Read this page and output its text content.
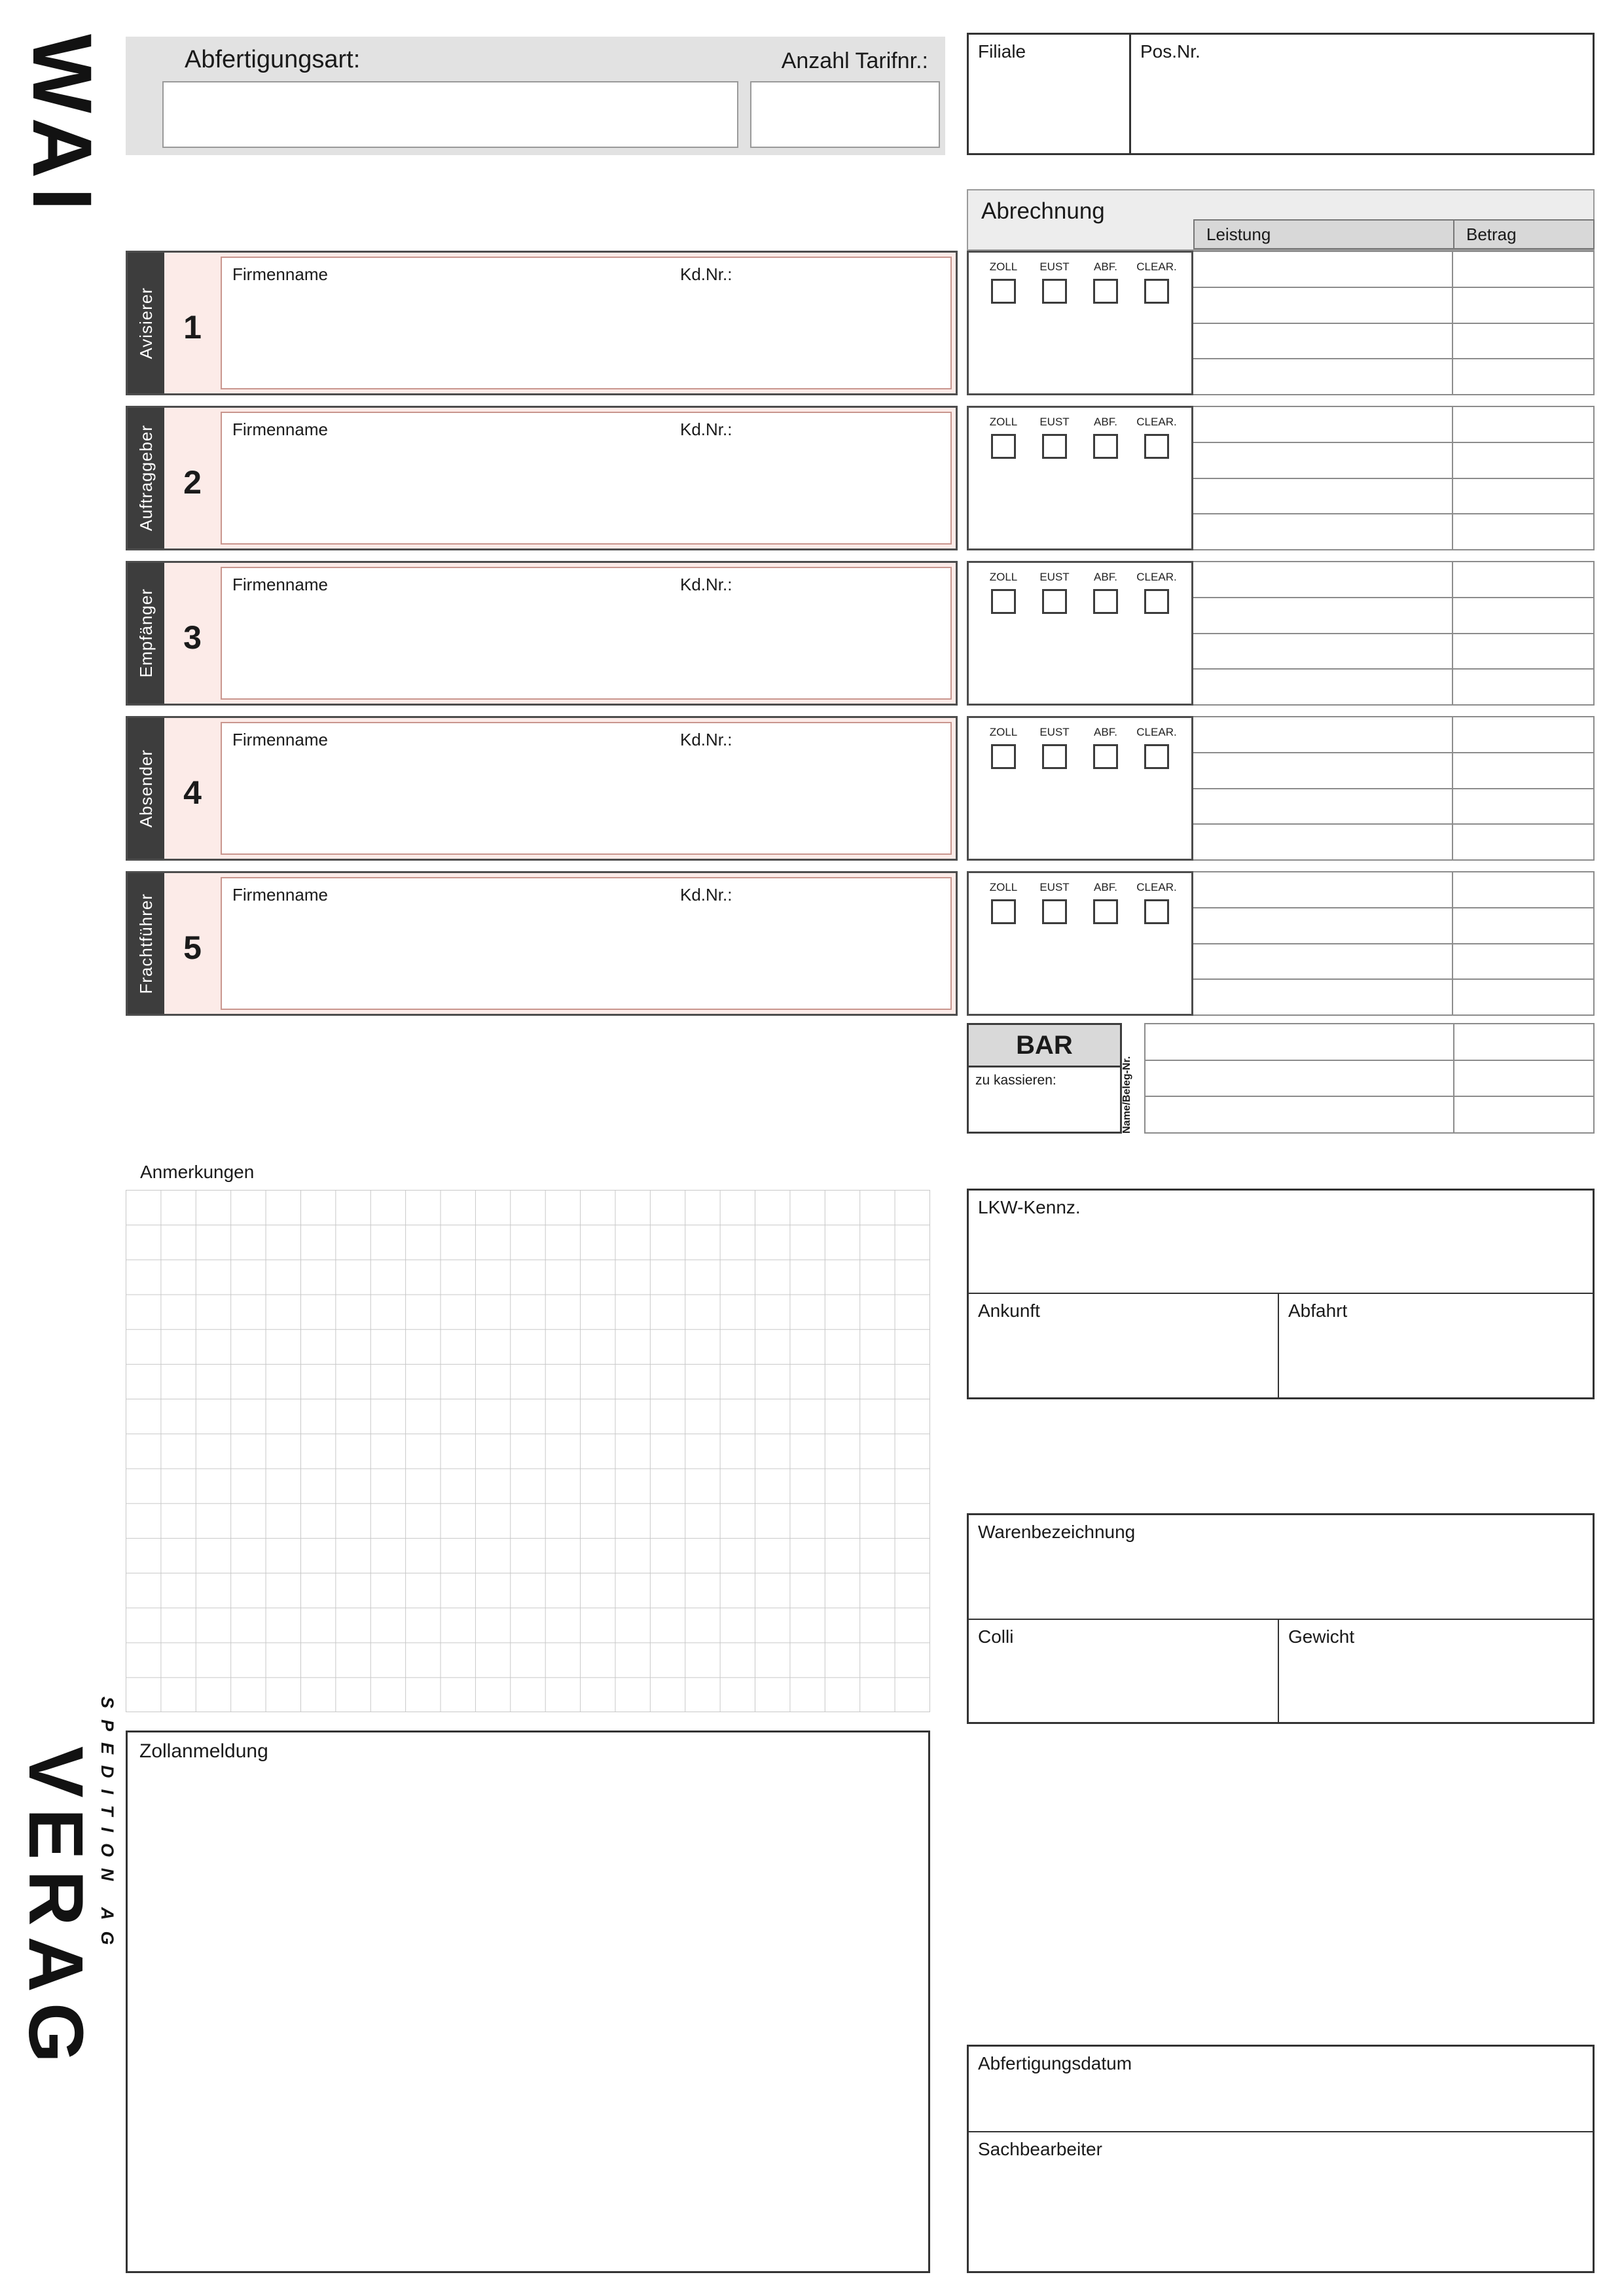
WAI
VERAG
SPEDITION AG
Abfertigungsart:	Anzahl Tarifnr.:	Filiale	Pos.Nr.
Abrechnung
Leistung	Betrag
Avisierer 1
Firmenname	Kd.Nr.:	ZOLL EUST ABF. CLEAR.
Auftraggeber 2
Firmenname	Kd.Nr.:	ZOLL EUST ABF. CLEAR.
Empfänger 3
Firmenname	Kd.Nr.:	ZOLL EUST ABF. CLEAR.
Absender 4
Firmenname	Kd.Nr.:	ZOLL EUST ABF. CLEAR.
Frachtführer 5
Firmenname	Kd.Nr.:	ZOLL EUST ABF. CLEAR.
BAR
zu kassieren:	Name/Beleg-Nr.
Anmerkungen
LKW-Kennz.
Ankunft	Abfahrt
Warenbezeichnung
Colli	Gewicht
Zollanmeldung
Abfertigungsdatum
Sachbearbeiter
